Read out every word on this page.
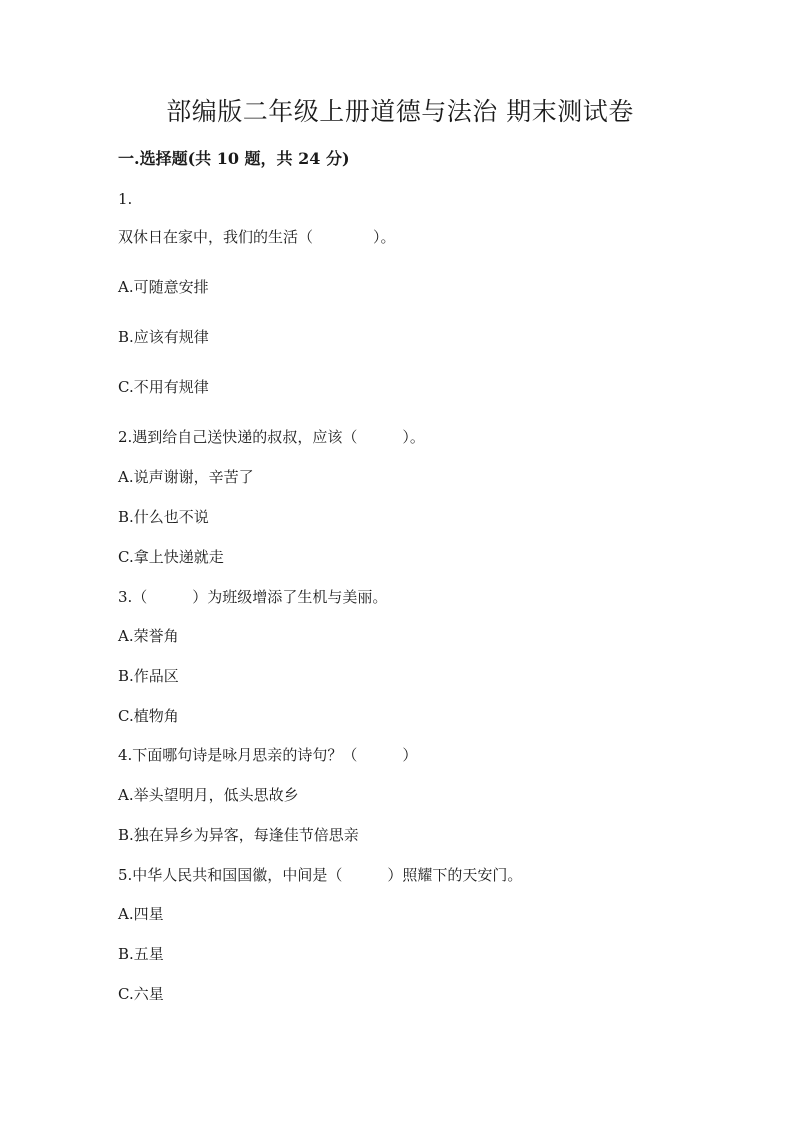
部编版二年级上册道德与法治 期末测试卷
一.选择题(共 10 题，共 24 分)
1.
双休日在家中，我们的生活（　　　　）。
A.可随意安排
B.应该有规律
C.不用有规律
2.遇到给自己送快递的叔叔，应该（　　　）。
A.说声谢谢，辛苦了
B.什么也不说
C.拿上快递就走
3.（　　　）为班级增添了生机与美丽。
A.荣誉角
B.作品区
C.植物角
4.下面哪句诗是咏月思亲的诗句？（　　　）
A.举头望明月，低头思故乡
B.独在异乡为异客，每逢佳节倍思亲
5.中华人民共和国国徽，中间是（　　　）照耀下的天安门。
A.四星
B.五星
C.六星
